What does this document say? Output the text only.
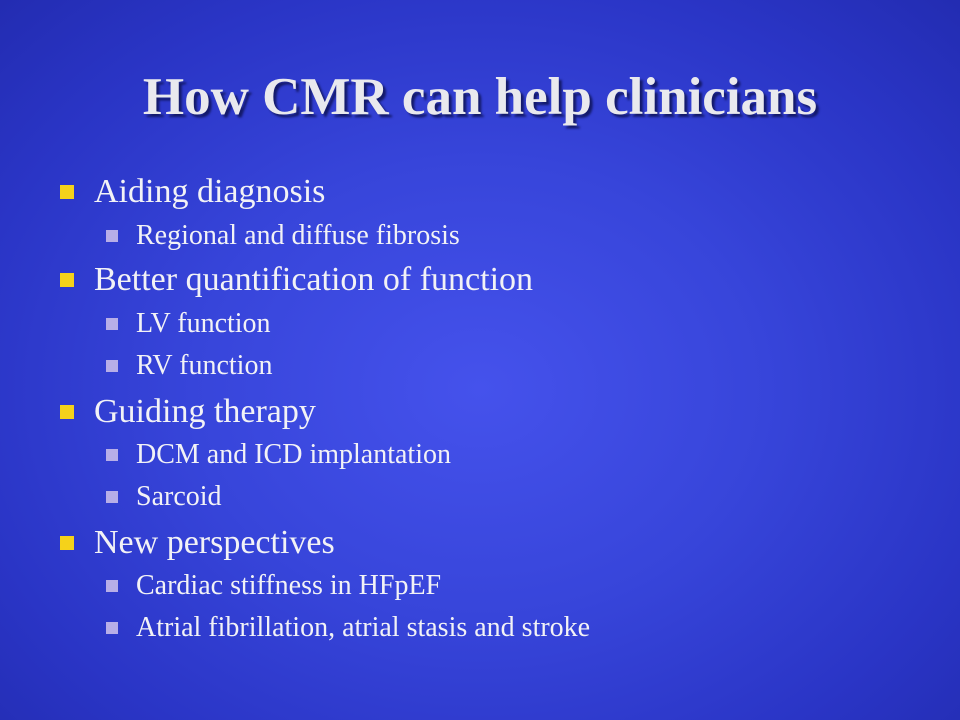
How CMR can help clinicians
Aiding diagnosis
Regional and diffuse fibrosis
Better quantification of function
LV function
RV function
Guiding therapy
DCM and ICD implantation
Sarcoid
New perspectives
Cardiac stiffness in HFpEF
Atrial fibrillation, atrial stasis and stroke
